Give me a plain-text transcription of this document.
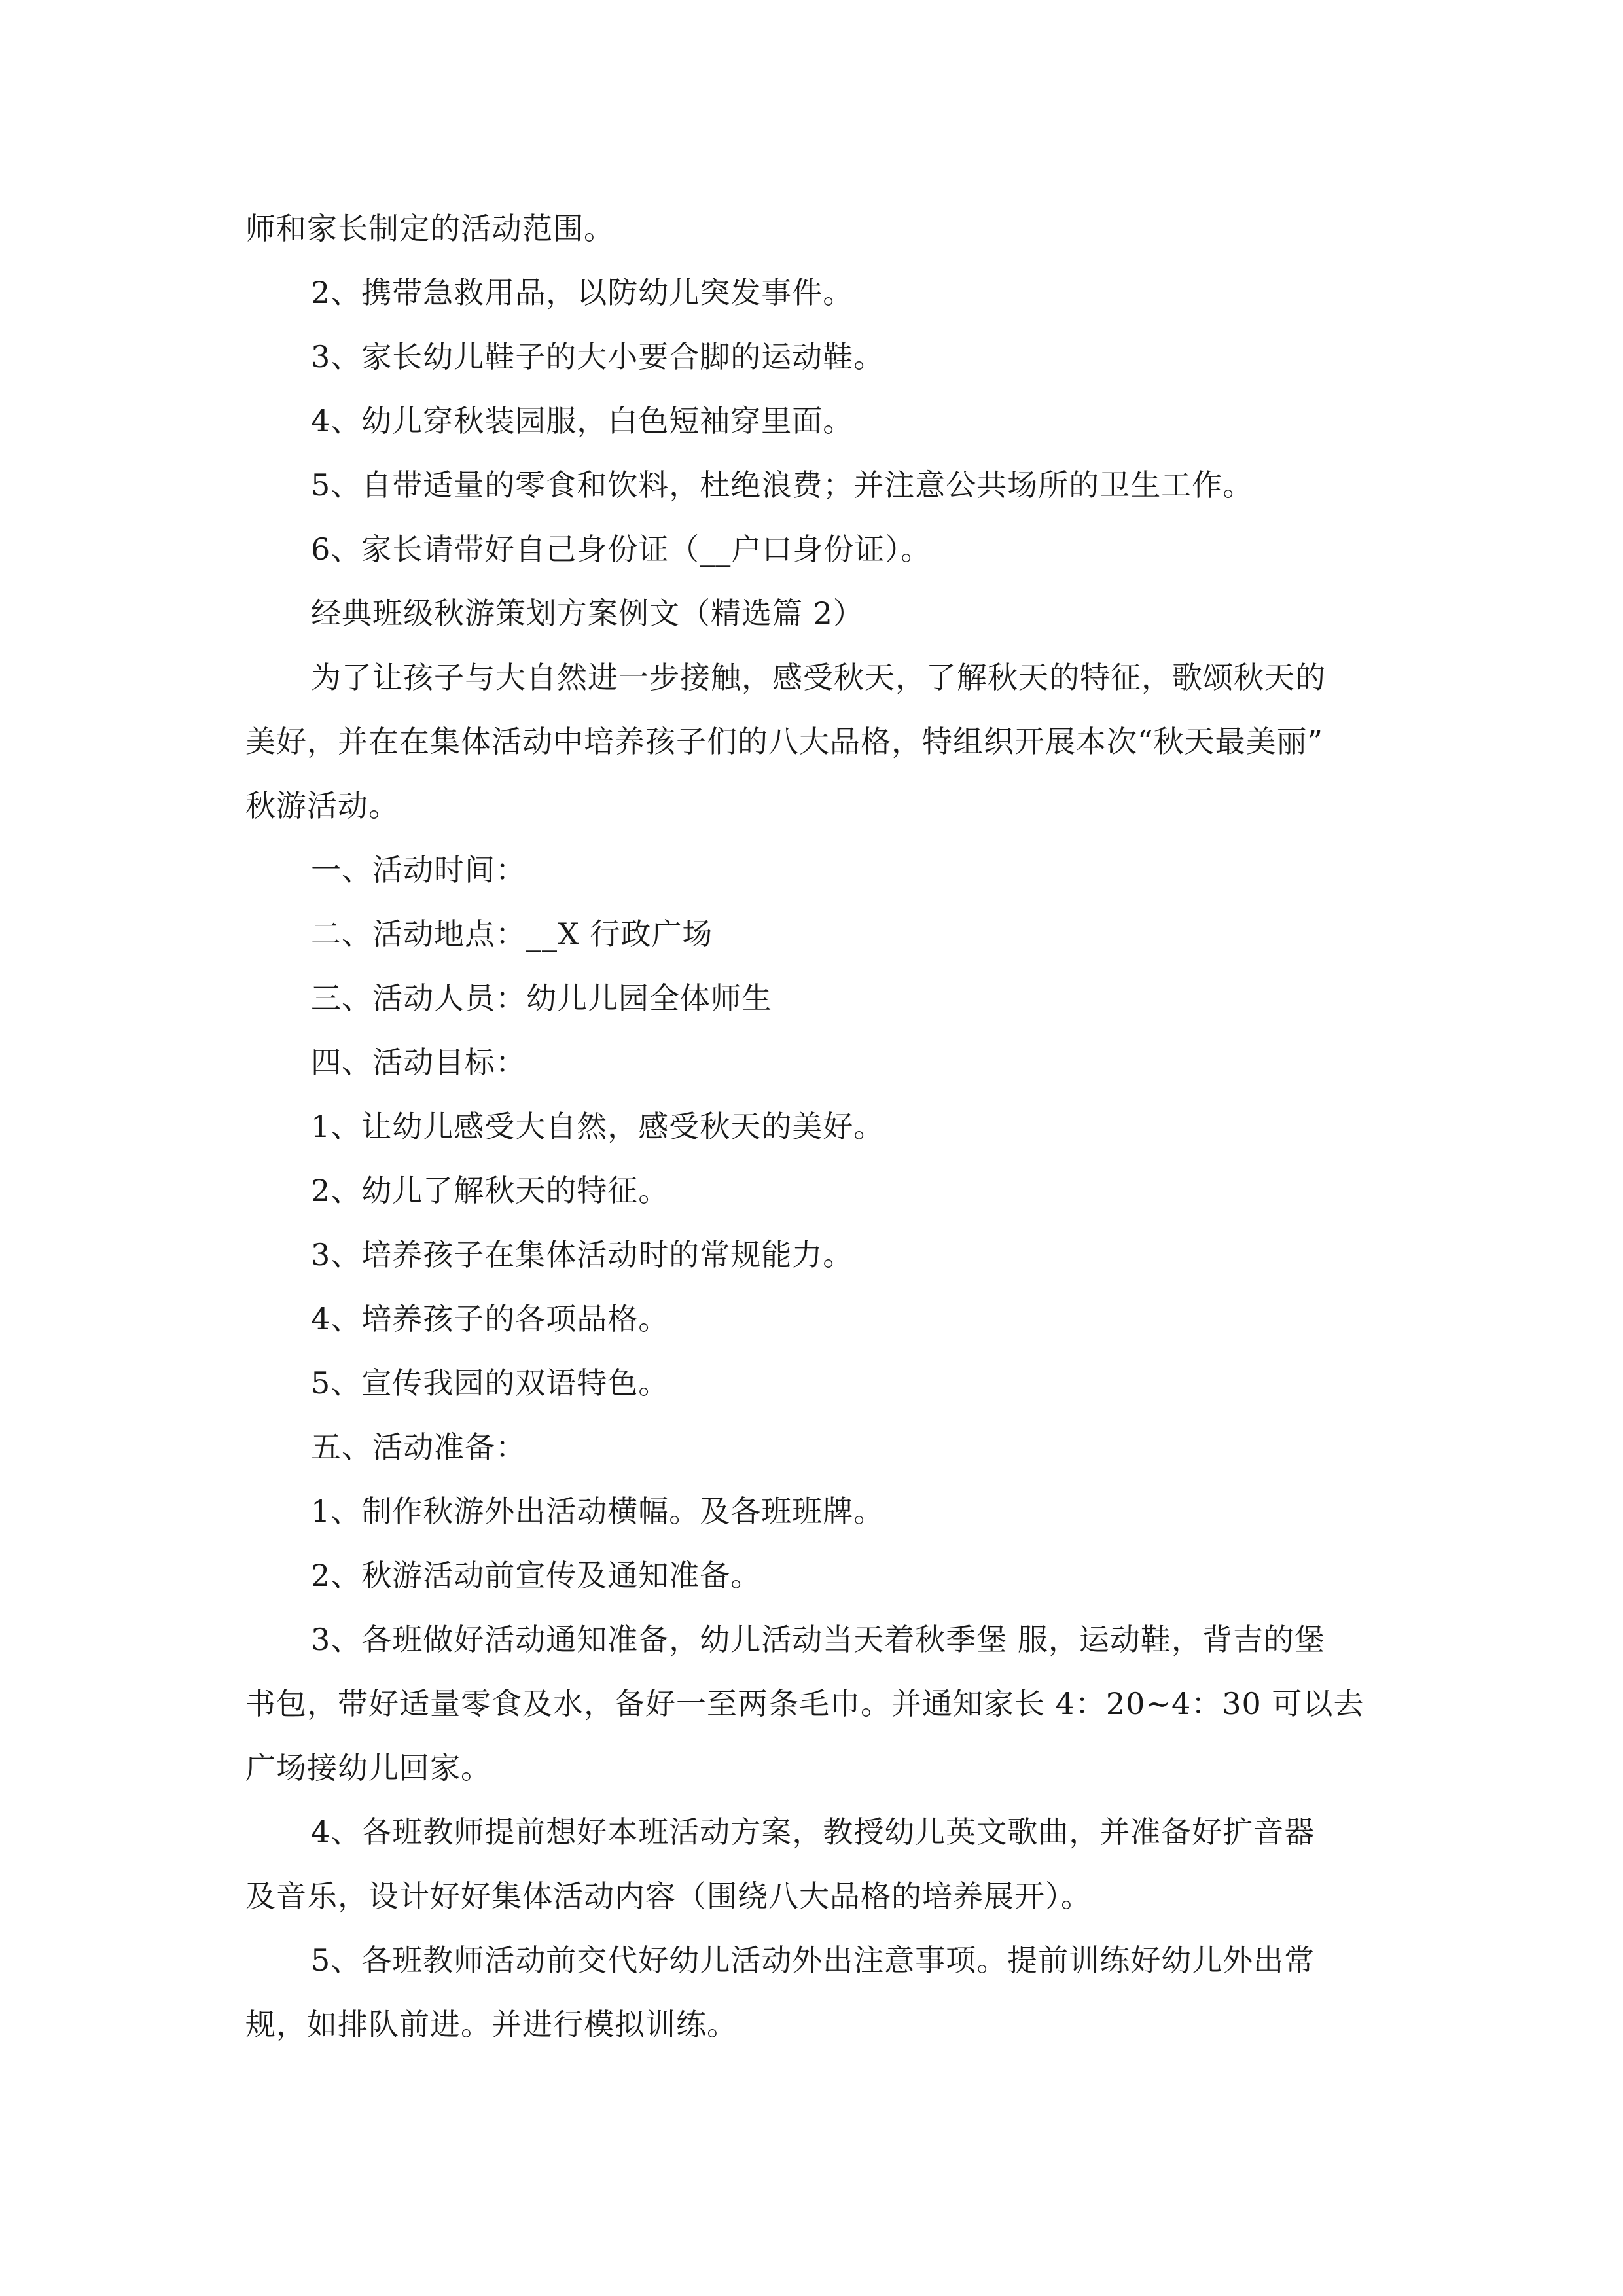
师和家长制定的活动范围。
2、携带急救用品，以防幼儿突发事件。
3、家长幼儿鞋子的大小要合脚的运动鞋。
4、幼儿穿秋装园服，白色短袖穿里面。
5、自带适量的零食和饮料，杜绝浪费；并注意公共场所的卫生工作。
6、家长请带好自己身份证（__户口身份证）。
经典班级秋游策划方案例文（精选篇 2）
为了让孩子与大自然进一步接触，感受秋天，了解秋天的特征，歌颂秋天的
美好，并在在集体活动中培养孩子们的八大品格，特组织开展本次“秋天最美丽”
秋游活动。
一、活动时间：
二、活动地点：__X 行政广场
三、活动人员：幼儿儿园全体师生
四、活动目标：
1、让幼儿感受大自然，感受秋天的美好。
2、幼儿了解秋天的特征。
3、培养孩子在集体活动时的常规能力。
4、培养孩子的各项品格。
5、宣传我园的双语特色。
五、活动准备：
1、制作秋游外出活动横幅。及各班班牌。
2、秋游活动前宣传及通知准备。
3、各班做好活动通知准备，幼儿活动当天着秋季堡 服，运动鞋，背吉的堡
书包，带好适量零食及水，备好一至两条毛巾。并通知家长 4：20~4：30 可以去
广场接幼儿回家。
4、各班教师提前想好本班活动方案，教授幼儿英文歌曲，并准备好扩音器
及音乐，设计好好集体活动内容（围绕八大品格的培养展开）。
5、各班教师活动前交代好幼儿活动外出注意事项。提前训练好幼儿外出常
规，如排队前进。并进行模拟训练。
